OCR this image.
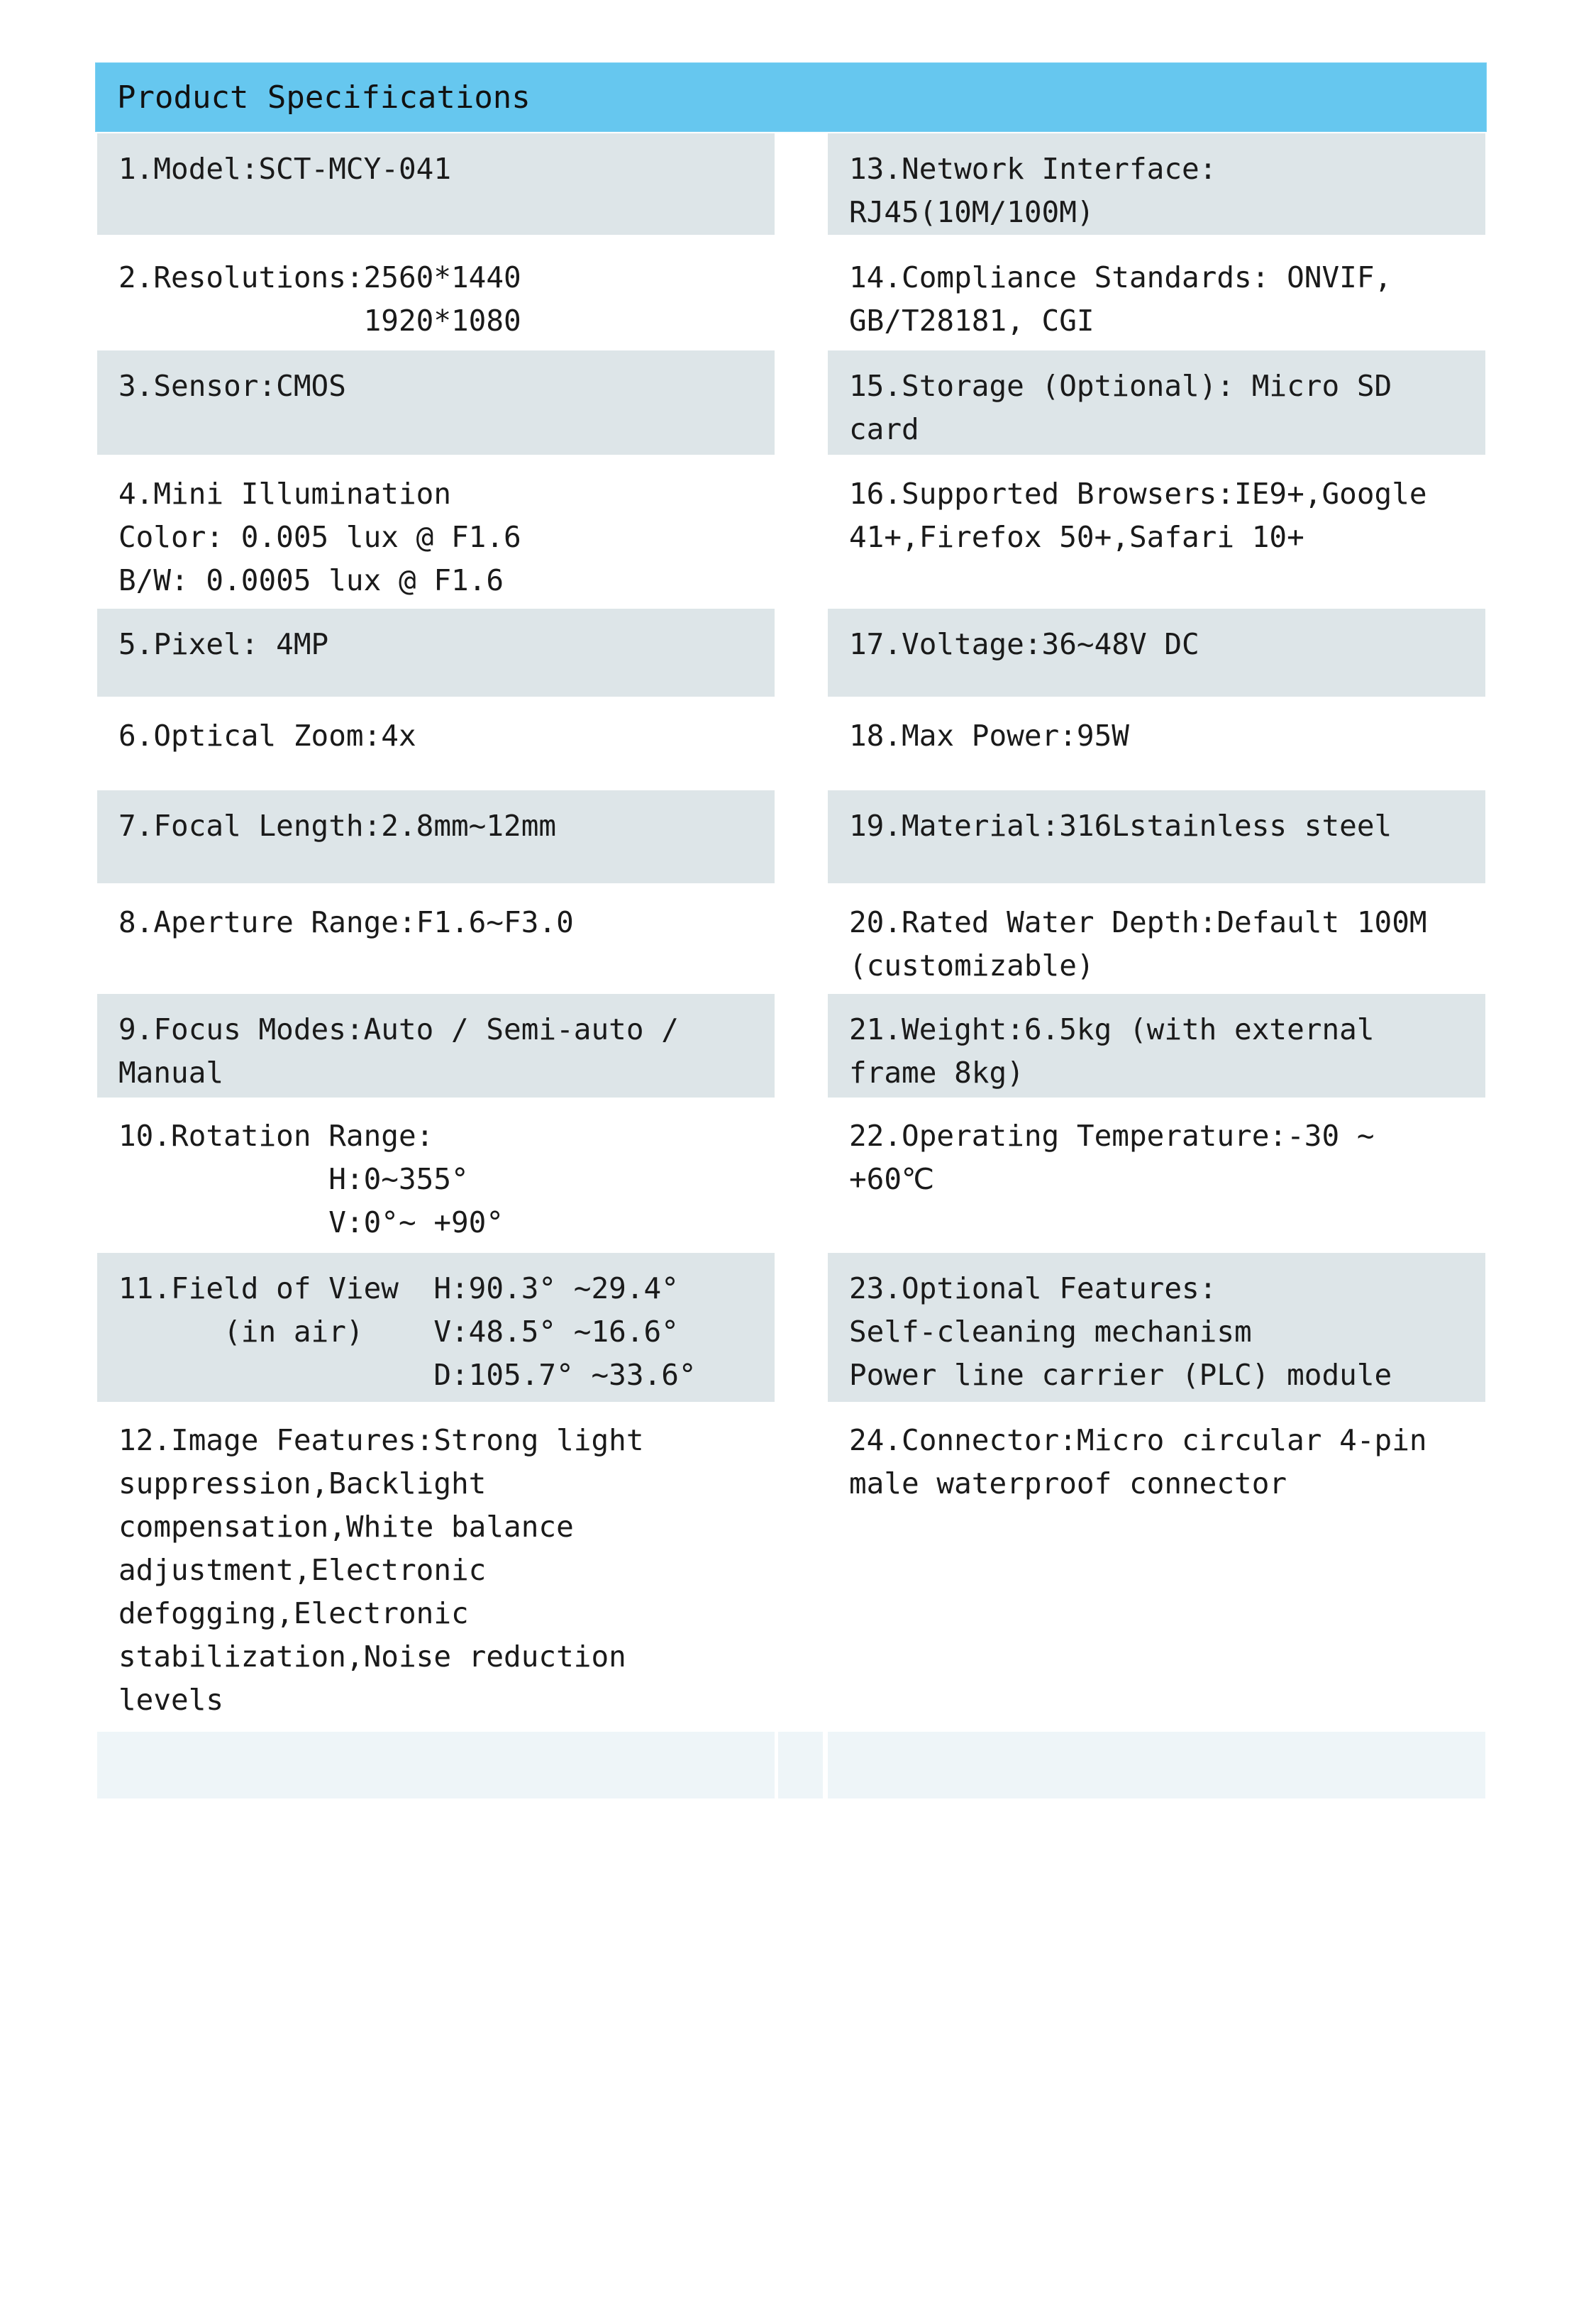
Product Specifications
1.Model:SCT-MCY-041
2.Resolutions:2560*1440
1920*1080
3.Sensor:CMOS
4.Mini Illumination
Color: 0.005 lux @ F1.6
B/W: 0.0005 lux @ F1.6
5.Pixel: 4MP
6.Optical Zoom:4x
7.Focal Length:2.8mm~12mm
8.Aperture Range:F1.6~F3.0
9.Focus Modes:Auto / Semi-auto /
Manual
10.Rotation Range:
H:0~355°
V:0°~ +90°
11.Field of View  H:90.3° ~29.4°
(in air)    V:48.5° ~16.6°
D:105.7° ~33.6°
12.Image Features:Strong light
suppression,Backlight
compensation,White balance
adjustment,Electronic
defogging,Electronic
stabilization,Noise reduction
levels
13.Network Interface:
RJ45(10M/100M)
14.Compliance Standards: ONVIF,
GB/T28181, CGI
15.Storage (Optional): Micro SD
card
16.Supported Browsers:IE9+,Google
41+,Firefox 50+,Safari 10+
17.Voltage:36~48V DC
18.Max Power:95W
19.Material:316Lstainless steel
20.Rated Water Depth:Default 100M
(customizable)
21.Weight:6.5kg (with external
frame 8kg)
22.Operating Temperature:-30 ~
+60℃
23.Optional Features:
Self-cleaning mechanism
Power line carrier (PLC) module
24.Connector:Micro circular 4-pin
male waterproof connector
